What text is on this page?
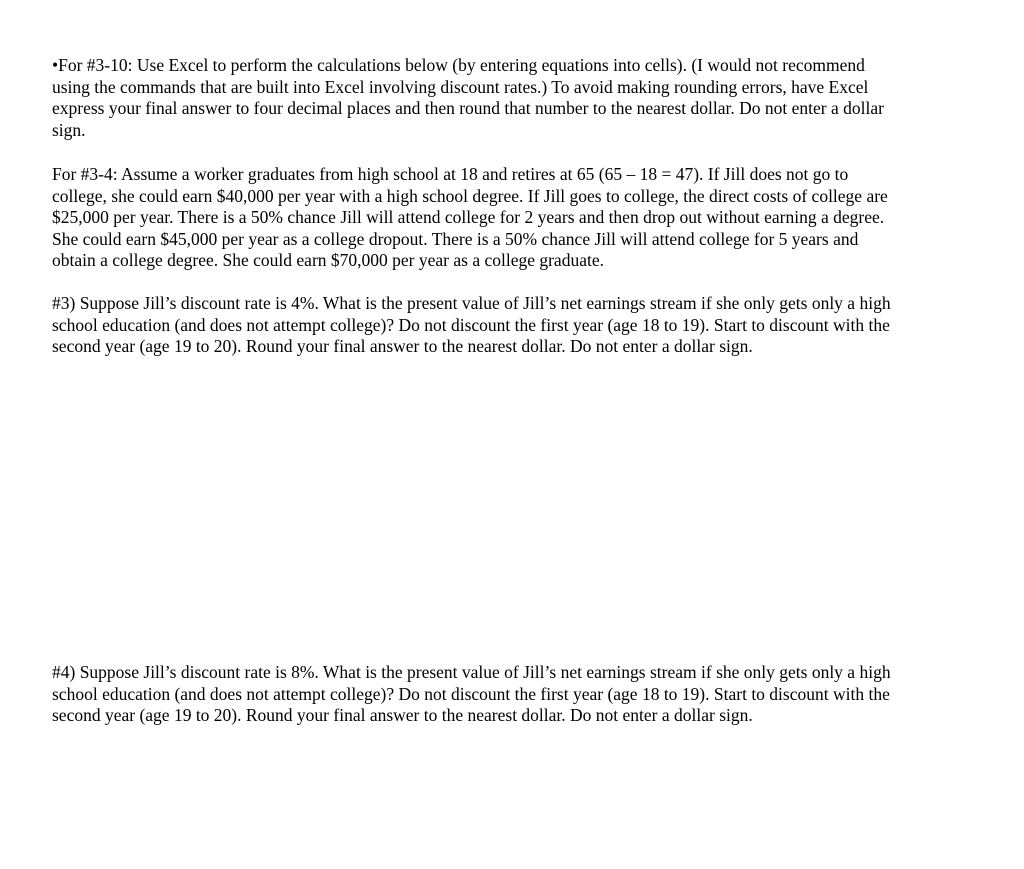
•For #3-10: Use Excel to perform the calculations below (by entering equations into cells). (I would not recommend
using the commands that are built into Excel involving discount rates.) To avoid making rounding errors, have Excel
express your final answer to four decimal places and then round that number to the nearest dollar. Do not enter a dollar
sign.

For #3-4: Assume a worker graduates from high school at 18 and retires at 65 (65 – 18 = 47). If Jill does not go to
college, she could earn $40,000 per year with a high school degree. If Jill goes to college, the direct costs of college are
$25,000 per year. There is a 50% chance Jill will attend college for 2 years and then drop out without earning a degree.
She could earn $45,000 per year as a college dropout. There is a 50% chance Jill will attend college for 5 years and
obtain a college degree. She could earn $70,000 per year as a college graduate.

#3) Suppose Jill’s discount rate is 4%. What is the present value of Jill’s net earnings stream if she only gets only a high
school education (and does not attempt college)? Do not discount the first year (age 18 to 19). Start to discount with the
second year (age 19 to 20). Round your final answer to the nearest dollar. Do not enter a dollar sign.

#4) Suppose Jill’s discount rate is 8%. What is the present value of Jill’s net earnings stream if she only gets only a high
school education (and does not attempt college)? Do not discount the first year (age 18 to 19). Start to discount with the
second year (age 19 to 20). Round your final answer to the nearest dollar. Do not enter a dollar sign.
